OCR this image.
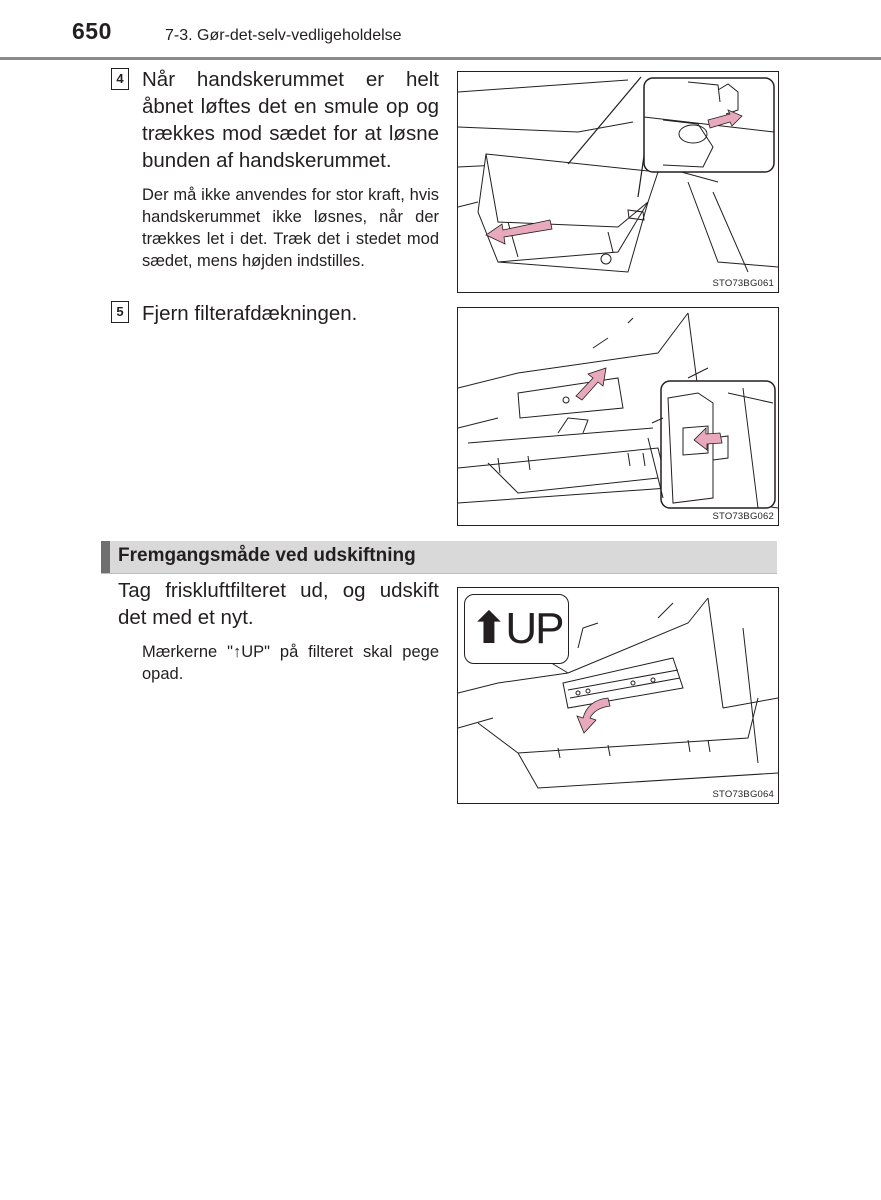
650	7-3. Gør-det-selv-vedligeholdelse
4 Når handskerummet er helt åbnet løftes det en smule op og trækkes mod sædet for at løsne bunden af handskerummet.
Der må ikke anvendes for stor kraft, hvis handskerummet ikke løsnes, når der trækkes let i det. Træk det i stedet mod sædet, mens højden indstilles.
STO73BG061
5 Fjern filterafdækningen.
STO73BG062
Fremgangsmåde ved udskiftning
Tag friskluftfilteret ud, og udskift det med et nyt.
Mærkerne "↑UP" på filteret skal pege opad.
⬆UP
STO73BG064
